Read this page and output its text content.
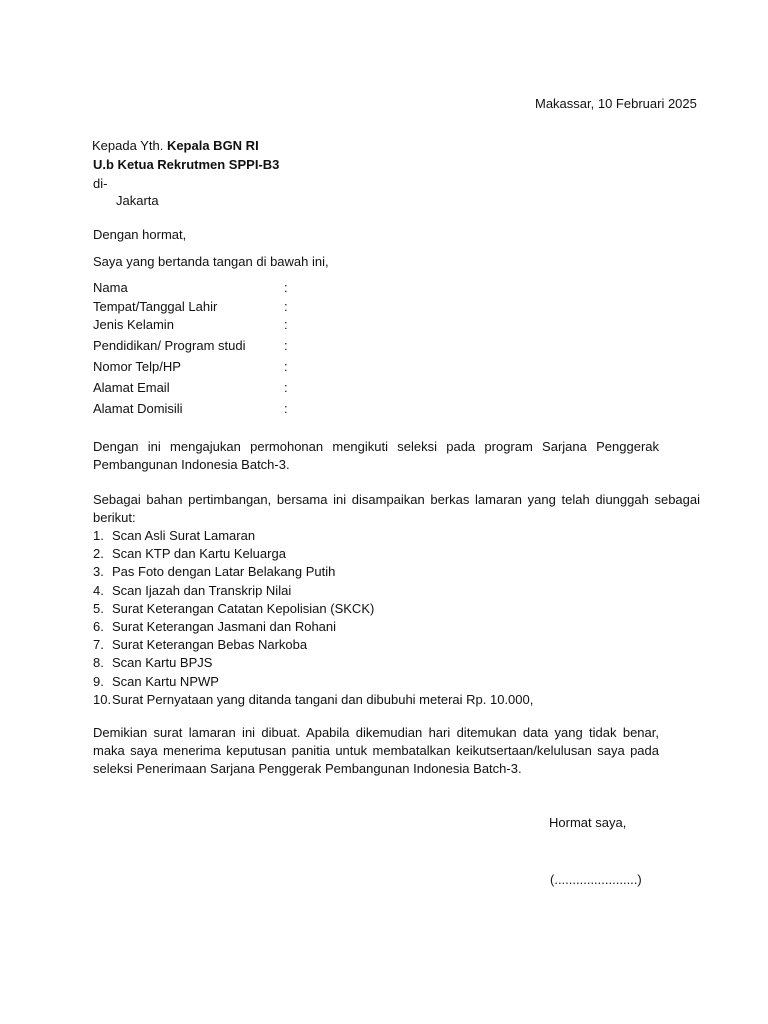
Makassar, 10 Februari 2025
Kepada Yth. Kepala BGN RI
U.b Ketua Rekrutmen SPPI-B3
di-
Jakarta
Dengan hormat,
Saya yang bertanda tangan di bawah ini,
Nama	:
Tempat/Tanggal Lahir	:
Jenis Kelamin	:
Pendidikan/ Program studi	:
Nomor Telp/HP	:
Alamat Email	:
Alamat Domisili	:
Dengan ini mengajukan permohonan mengikuti seleksi pada program Sarjana Penggerak Pembangunan Indonesia Batch-3.
Sebagai bahan pertimbangan, bersama ini disampaikan berkas lamaran yang telah diunggah sebagai berikut:
1. Scan Asli Surat Lamaran
2. Scan KTP dan Kartu Keluarga
3. Pas Foto dengan Latar Belakang Putih
4. Scan Ijazah dan Transkrip Nilai
5. Surat Keterangan Catatan Kepolisian (SKCK)
6. Surat Keterangan Jasmani dan Rohani
7. Surat Keterangan Bebas Narkoba
8. Scan Kartu BPJS
9. Scan Kartu NPWP
10.Surat Pernyataan yang ditanda tangani dan dibubuhi meterai Rp. 10.000,
Demikian surat lamaran ini dibuat. Apabila dikemudian hari ditemukan data yang tidak benar, maka saya menerima keputusan panitia untuk membatalkan keikutsertaan/kelulusan saya pada seleksi Penerimaan Sarjana Penggerak Pembangunan Indonesia Batch-3.
Hormat saya,
(.......................)
